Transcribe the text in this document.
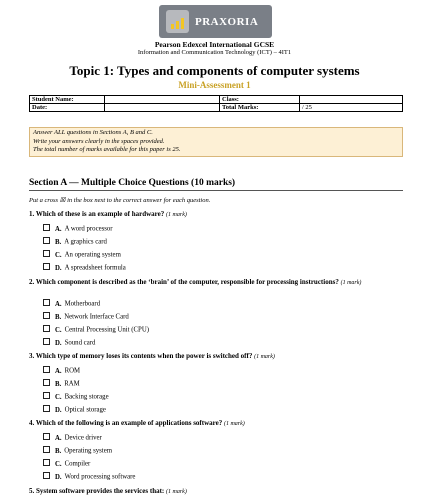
PRAXORIA
Pearson Edexcel International GCSE
Information and Communication Technology (ICT) – 4IT1
Topic 1: Types and components of computer systems
Mini-Assessment 1
Student Name:		Class:	
Date:		Total Marks:	/ 25
Answer ALL questions in Sections A, B and C.
Write your answers clearly in the spaces provided.
The total number of marks available for this paper is 25.
Section A — Multiple Choice Questions (10 marks)
Put a cross ☒ in the box next to the correct answer for each question.
1. Which of these is an example of hardware? (1 mark)
A. A word processor
B. A graphics card
C. An operating system
D. A spreadsheet formula
2. Which component is described as the ‘brain’ of the computer, responsible for processing instructions? (1 mark)
A. Motherboard
B. Network Interface Card
C. Central Processing Unit (CPU)
D. Sound card
3. Which type of memory loses its contents when the power is switched off? (1 mark)
A. ROM
B. RAM
C. Backing storage
D. Optical storage
4. Which of the following is an example of applications software? (1 mark)
A. Device driver
B. Operating system
C. Compiler
D. Word processing software
5. System software provides the services that: (1 mark)
